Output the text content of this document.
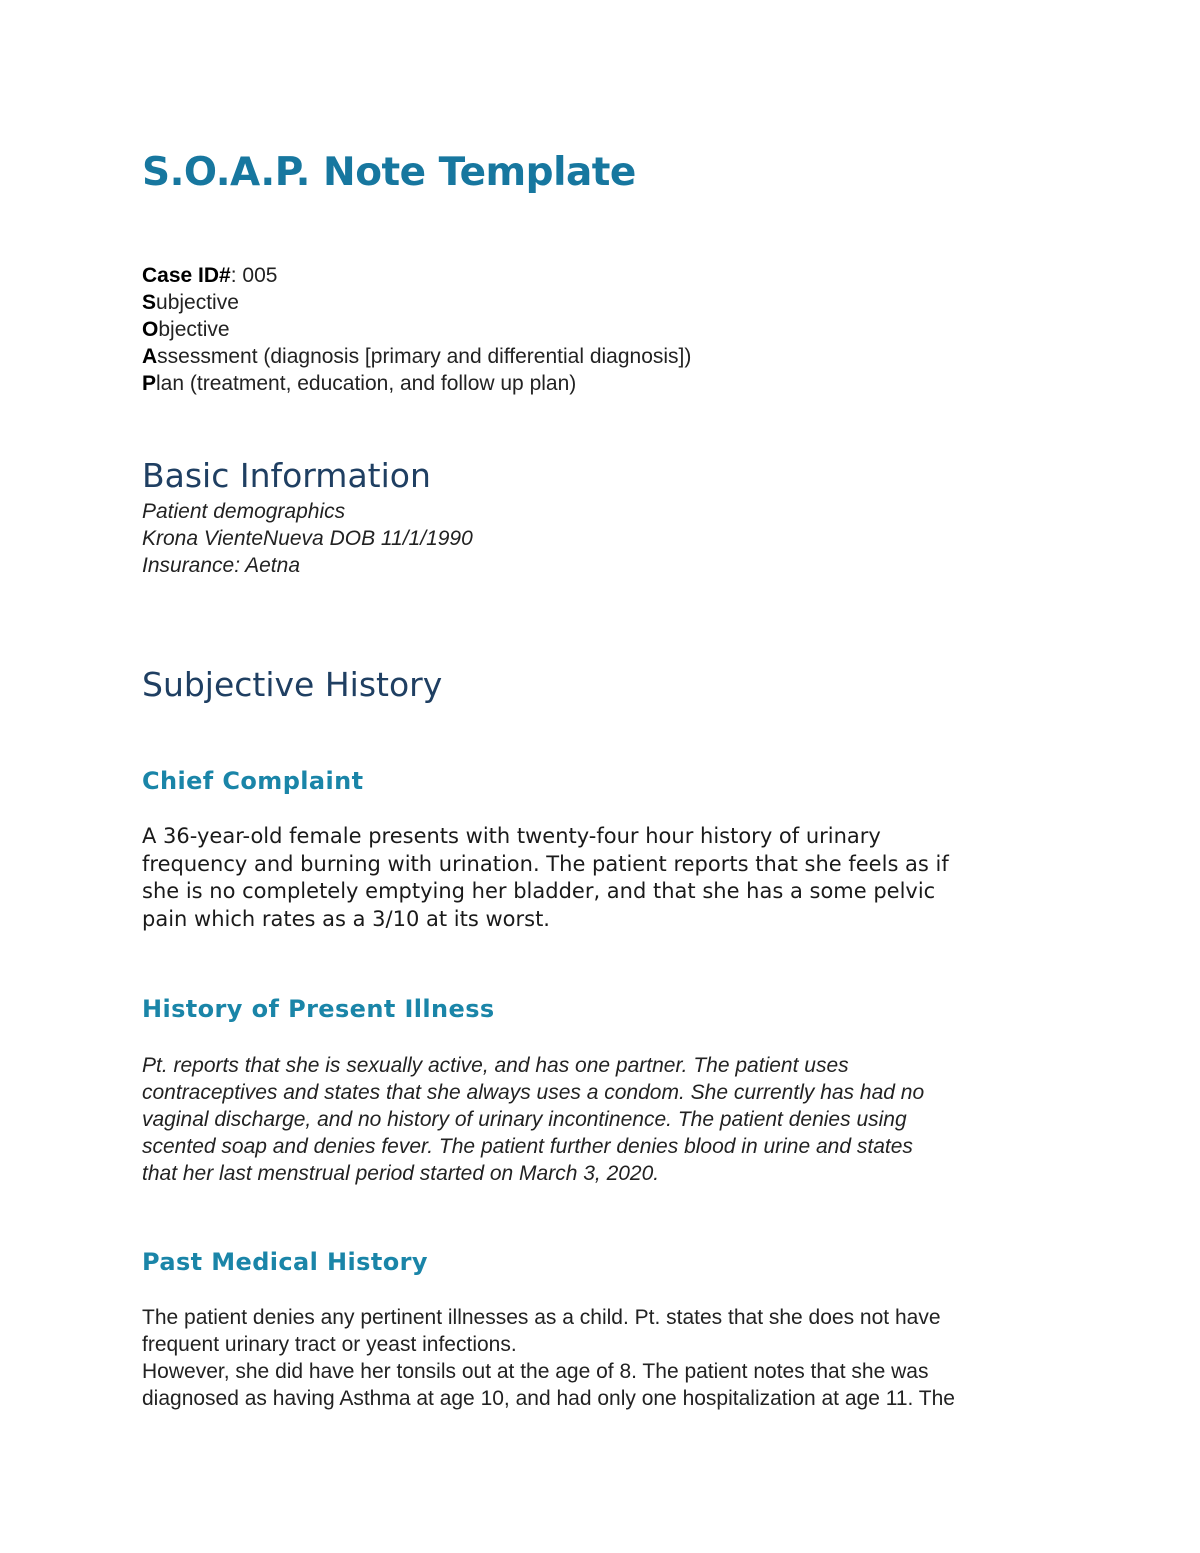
S.O.A.P. Note Template
Case ID#: 005
Subjective
Objective
Assessment (diagnosis [primary and differential diagnosis])
Plan (treatment, education, and follow up plan)
Basic Information
Patient demographics
Krona VienteNueva DOB 11/1/1990
Insurance: Aetna
Subjective History
Chief Complaint
A 36-year-old female presents with twenty-four hour history of urinary
frequency and burning with urination. The patient reports that she feels as if
she is no completely emptying her bladder, and that she has a some pelvic
pain which rates as a 3/10 at its worst.
History of Present Illness
Pt. reports that she is sexually active, and has one partner. The patient uses
contraceptives and states that she always uses a condom. She currently has had no
vaginal discharge, and no history of urinary incontinence. The patient denies using
scented soap and denies fever. The patient further denies blood in urine and states
that her last menstrual period started on March 3, 2020.
Past Medical History
The patient denies any pertinent illnesses as a child. Pt. states that she does not have
frequent urinary tract or yeast infections.
However, she did have her tonsils out at the age of 8. The patient notes that she was
diagnosed as having Asthma at age 10, and had only one hospitalization at age 11. The
